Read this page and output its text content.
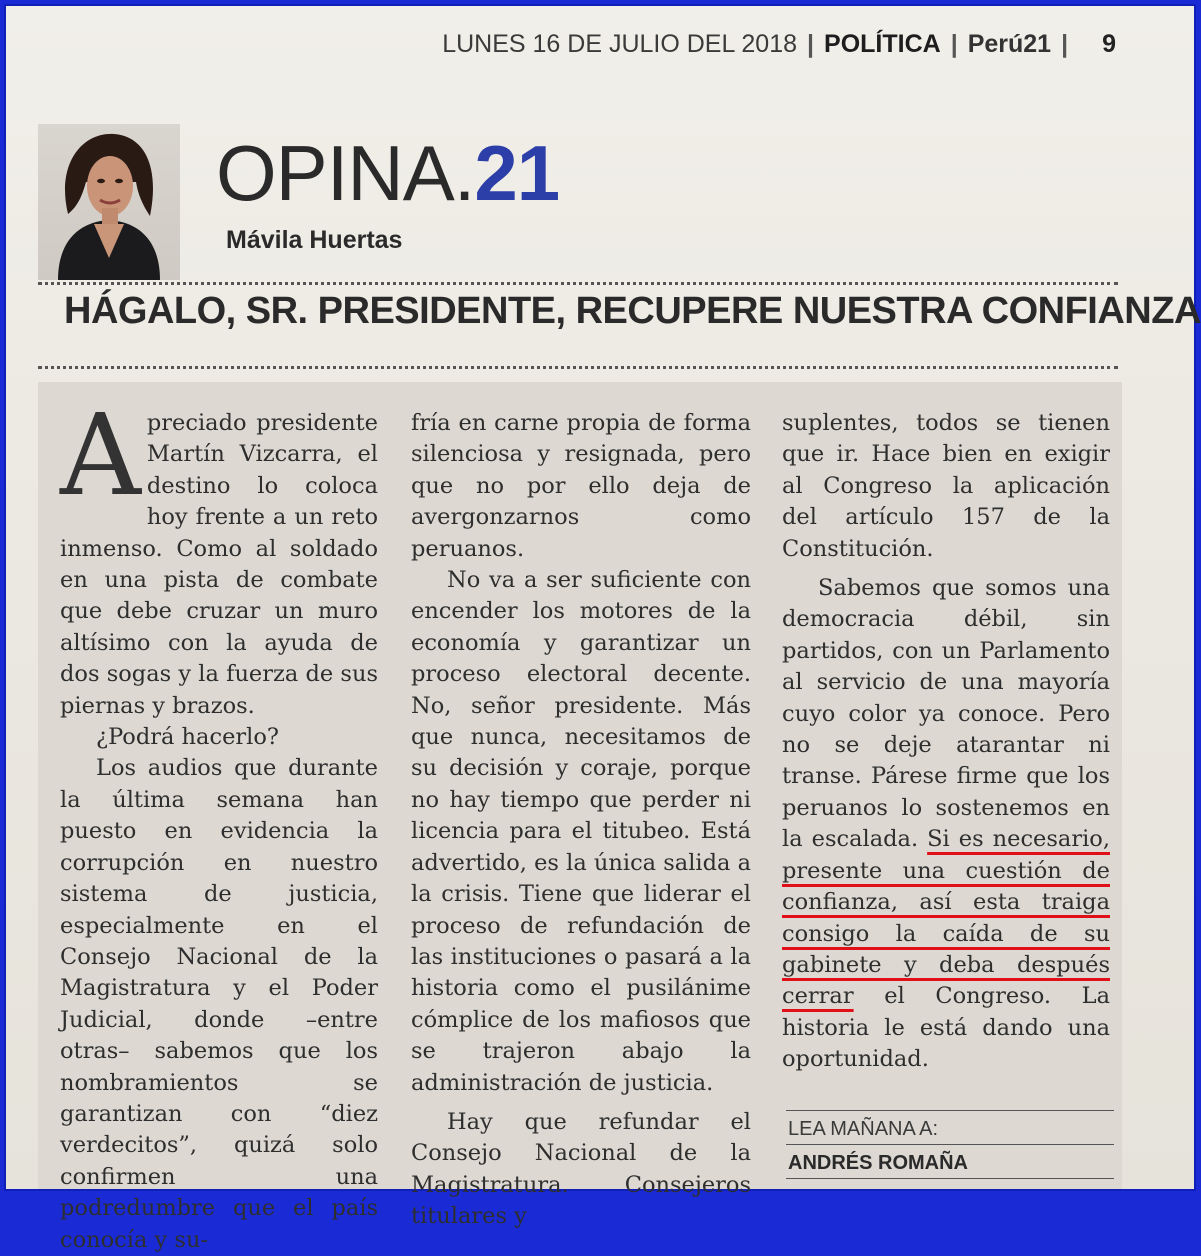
LUNES 16 DE JULIO DEL 2018 | POLÍTICA | Perú21 | 9
OPINA.21
Mávila Huertas
HÁGALO, SR. PRESIDENTE, RECUPERE NUESTRA CONFIANZA

Apreciado presidente Martín Vizcarra, el destino lo coloca hoy frente a un reto inmenso. Como al soldado en una pista de combate que debe cruzar un muro altísimo con la ayuda de dos sogas y la fuerza de sus piernas y brazos.

¿Podrá hacerlo?

Los audios que durante la última semana han puesto en evidencia la corrupción en nuestro sistema de justicia, especialmente en el Consejo Nacional de la Magistratura y el Poder Judicial, donde –entre otras– sabemos que los nombramientos se garantizan con “diez verdecitos”, quizá solo confirmen una podredumbre que el país conocía y su-

fría en carne propia de forma silenciosa y resignada, pero que no por ello deja de avergonzarnos como peruanos.

No va a ser suficiente con encender los motores de la economía y garantizar un proceso electoral decente. No, señor presidente. Más que nunca, necesitamos de su decisión y coraje, porque no hay tiempo que perder ni licencia para el titubeo. Está advertido, es la única salida a la crisis. Tiene que liderar el proceso de refundación de las instituciones o pasará a la historia como el pusilánime cómplice de los mafiosos que se trajeron abajo la administración de justicia.

Hay que refundar el Consejo Nacional de la Magistratura. Consejeros titulares y

suplentes, todos se tienen que ir. Hace bien en exigir al Congreso la aplicación del artículo 157 de la Constitución.

Sabemos que somos una democracia débil, sin partidos, con un Parlamento al servicio de una mayoría cuyo color ya conoce. Pero no se deje atarantar ni transe. Párese firme que los peruanos lo sostenemos en la escalada. Si es necesario, presente una cuestión de confianza, así esta traiga consigo la caída de su gabinete y deba después cerrar el Congreso. La historia le está dando una oportunidad.

LEA MAÑANA A:
ANDRÉS ROMAÑA
